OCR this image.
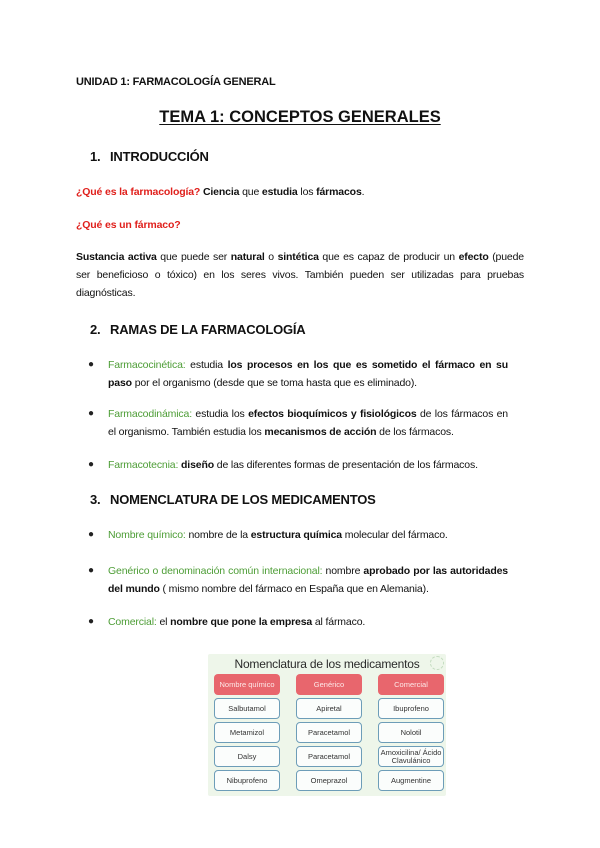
UNIDAD 1: FARMACOLOGÍA GENERAL
TEMA 1: CONCEPTOS GENERALES
1. INTRODUCCIÓN
¿Qué es la farmacología? Ciencia que estudia los fármacos.
¿Qué es un fármaco?
Sustancia activa que puede ser natural o sintética que es capaz de producir un efecto (puede ser beneficioso o tóxico) en los seres vivos. También pueden ser utilizadas para pruebas diagnósticas.
2. RAMAS DE LA FARMACOLOGÍA
● Farmacocinética: estudia los procesos en los que es sometido el fármaco en su paso por el organismo (desde que se toma hasta que es eliminado).
● Farmacodinámica: estudia los efectos bioquímicos y fisiológicos de los fármacos en el organismo. También estudia los mecanismos de acción de los fármacos.
● Farmacotecnia: diseño de las diferentes formas de presentación de los fármacos.
3. NOMENCLATURA DE LOS MEDICAMENTOS
● Nombre químico: nombre de la estructura química molecular del fármaco.
● Genérico o denominación común internacional: nombre aprobado por las autoridades del mundo ( mismo nombre del fármaco en España que en Alemania).
● Comercial: el nombre que pone la empresa al fármaco.
Nomenclatura de los medicamentos
Nombre químico
Salbutamol
Metamizol
Dalsy
Nibuprofeno
Genérico
Apiretal
Paracetamol
Paracetamol
Omeprazol
Comercial
Ibuprofeno
Nolotil
Amoxicilina/ Ácido Clavulánico
Augmentine
